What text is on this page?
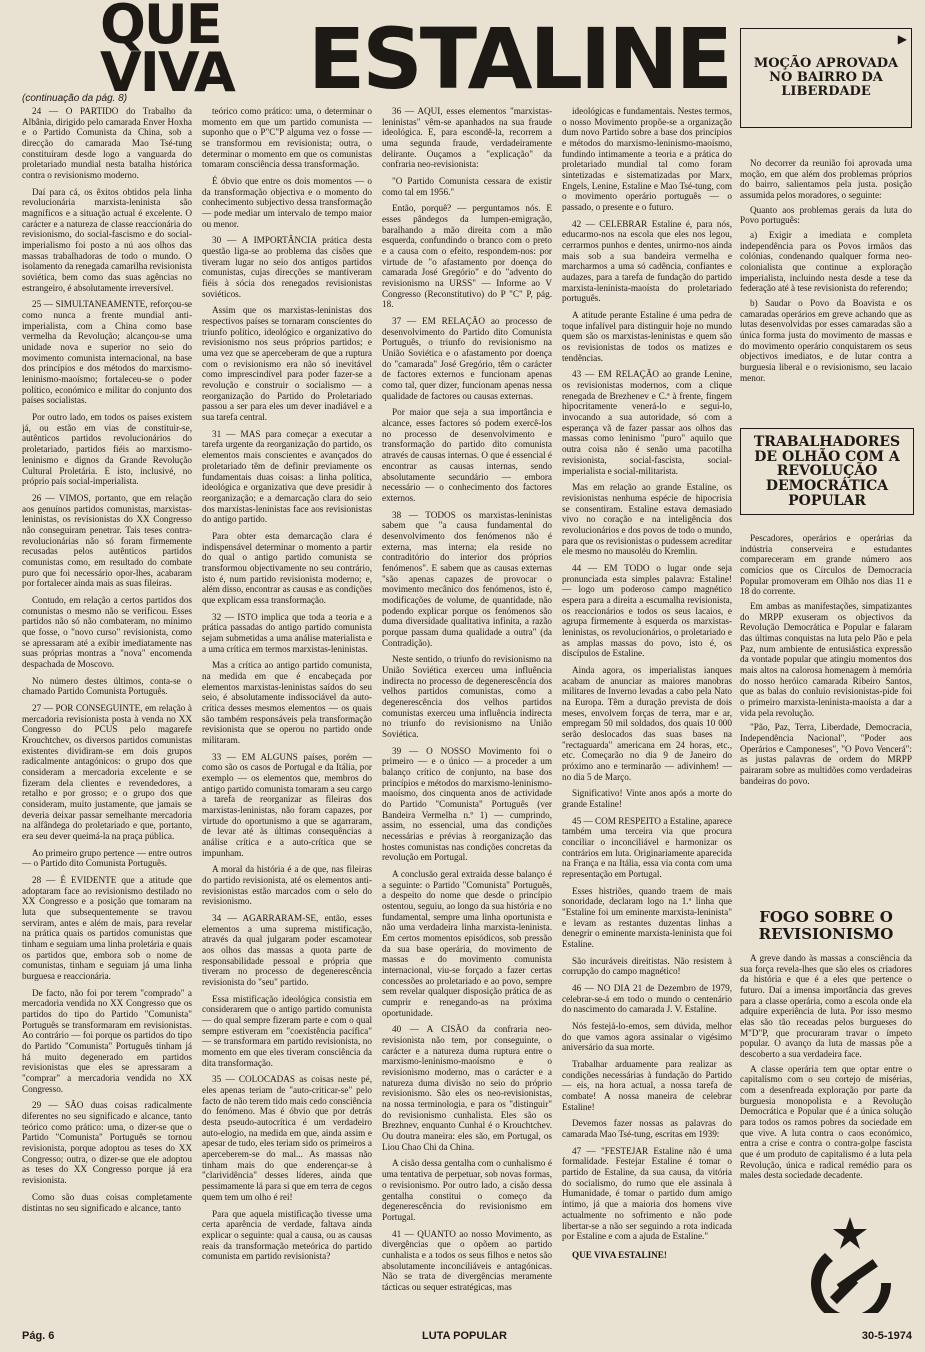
QUE VIVA ESTALINE
(continuação da pág. 8)

24 — O PARTIDO do Trabalho da Albânia, dirigido pelo camarada Enver Hoxha e o Partido Comunista da China, sob a direcção do camarada Mao Tsé-tung constituíram desde logo a vanguarda do proletariado mundial nesta batalha histórica contra o revisionismo moderno.

Daí para cá, os êxitos obtidos pela linha revolucionária marxista-leninista são magníficos e a situação actual é excelente. O carácter e a natureza de classe reaccionária do revisionismo, do social-fascismo e do social-imperialismo foi posto a nú aos olhos das massas trabalhadoras de todo o mundo. O isolamento da renegada camarilha revisionista soviética, bem como das suas agências no estrangeiro, é absolutamente irreversível.

25 — SIMULTANEAMENTE, reforçou-se como nunca a frente mundial anti-imperialista, com a China como base vermelha da Revolução; alcançou-se uma unidade nova e superior no seio do movimento comunista internacional, na base dos princípios e dos métodos do marxismo-leninismo-maoísmo; fortaleceu-se o poder político, económico e militar do conjunto dos países socialistas.

Por outro lado, em todos os países existem já, ou estão em vias de constituir-se, autênticos partidos revolucionários do proletariado, partidos fiéis ao marxismo-leninismo e dignos da Grande Revolução Cultural Proletária. E isto, inclusivé, no próprio país social-imperialista.

26 — VIMOS, portanto, que em relação aos genuínos partidos comunistas, marxistas-leninistas, os revisionistas do XX Congresso não conseguiram penetrar. Tais teses contra-revolucionárias não só foram firmemente recusadas pelos autênticos partidos comunistas como, em resultado do combate puro que foi necessário opor-lhes, acabaram por fortalecer ainda mais as suas fileiras.

Contudo, em relação a certos partidos dos comunistas o mesmo não se verificou. Esses partidos não só não combateram, no mínimo que fosse, o "novo curso" revisionista, como se apressaram até a exibir imediatamente nas suas próprias montras a "nova" encomenda despachada de Moscovo.

No número destes últimos, conta-se o chamado Partido Comunista Português.

27 — POR CONSEGUINTE, em relação à mercadoria revisionista posta à venda no XX Congresso do PCUS pelo magarefe Krouchtchev, os diversos partidos comunistas existentes dividiram-se em dois grupos radicalmente antagónicos: o grupo dos que consideram a mercadoria excelente e se fizeram dela clientes e revendedores, a retalho e por grosso; e o grupo dos que consideram, muito justamente, que jamais se deveria deixar passar semelhante mercadoria na alfândega do proletariado e que, portanto, era seu dever queimá-la na praça pública.

Ao primeiro grupo pertence — entre outros — o Partido dito Comunista Português.

28 — É EVIDENTE que a atitude que adoptaram face ao revisionismo destilado no XX Congresso e a posição que tomaram na luta que subsequentemente se travou serviram, antes e além de mais, para revelar na prática quais os partidos comunistas que tinham e seguiam uma linha proletária e quais os partidos que, embora sob o nome de comunistas, tinham e seguiam já uma linha burguesa e reaccionária.

De facto, não foi por terem "comprado" a mercadoria vendida no XX Congresso que os partidos do tipo do Partido "Comunista" Português se transformaram em revisionistas. Ao contrário — foi porque os partidos do tipo do Partido "Comunista" Português tinham já há muito degenerado em partidos revisionistas que eles se apressaram a "comprar" a mercadoria vendida no XX Congresso.

29 — SÃO duas coisas radicalmente diferentes no seu significado e alcance, tanto teórico como prático: uma, o dizer-se que o Partido "Comunista" Português se tornou revisionista, porque adoptou as teses do XX Congresso; outra, o dizer-se que ele adoptou as teses do XX Congresso porque já era revisionista.

Como são duas coisas completamente distintas no seu significado e alcance, tanto

teórico como prático: uma, o determinar o momento em que um partido comunista — suponho que o P"C"P alguma vez o fosse — se transformou em revisionista; outra, o determinar o momento em que os comunistas tomaram consciência dessa transformação.

É óbvio que entre os dois momentos — o da transformação objectiva e o momento do conhecimento subjectivo dessa transformação — pode mediar um intervalo de tempo maior ou menor.

30 — A IMPORTÂNCIA prática desta questão liga-se ao problema das cisões que tiveram lugar no seio dos antigos partidos comunistas, cujas direcções se mantiveram fiéis à sócia dos renegados revisionistas soviéticos.

Assim que os marxistas-leninistas dos respectivos países se tornaram conscientes do triunfo político, ideológico e organizativo do revisionismo nos seus próprios partidos; e uma vez que se aperceberam de que a ruptura com o revisionismo era não só inevitável como imprescindível para poder fazer-se a revolução e construir o socialismo — a reorganização do Partido do Proletariado passou a ser para eles um dever inadiável e a sua tarefa central.

31 — MAS para começar a executar a tarefa urgente da reorganização do partido, os elementos mais conscientes e avançados do proletariado têm de definir previamente os fundamentais duas coisas: a linha política, ideológica e organizativa que deve presidir à reorganização; e a demarcação clara do seio dos marxistas-leninistas face aos revisionistas do antigo partido.

Para obter esta demarcação clara é indispensável determinar o momento a partir do qual o antigo partido comunista se transformou objectivamente no seu contrário, isto é, num partido revisionista moderno; e, além disso, encontrar as causas e as condições que explicam essa transformação.

32 — ISTO implica que toda a teoria e a prática passadas do antigo partido comunista sejam submetidas a uma análise materialista e a uma crítica em termos marxistas-leninistas.

Mas a crítica ao antigo partido comunista, na medida em que é encabeçada por elementos marxistas-leninistas saídos do seu seio, é absolutamente indissociável da auto-crítica desses mesmos elementos — os quais são também responsáveis pela transformação revisionista que se operou no partido onde militaram.

33 — EM ALGUNS países, porém — como são os casos de Portugal e da Itália, por exemplo — os elementos que, membros do antigo partido comunista tomaram a seu cargo a tarefa de reorganizar as fileiras dos marxistas-leninistas, não foram capazes, por virtude do oportunismo a que se agarraram, de levar até às últimas consequências a análise crítica e a auto-crítica que se impunham.

A moral da história é a de que, nas fileiras do partido revisionista, até os elementos anti-revisionistas estão marcados com o selo do revisionismo.

34 — AGARRARAM-SE, então, esses elementos a uma suprema mistificação, através da qual julgaram poder escamotear aos olhos das massas a quota parte de responsabilidade pessoal e própria que tiveram no processo de degenerescência revisionista do "seu" partido.

Essa mistificação ideológica consistia em considerarem que o antigo partido comunista — do qual sempre fizeram parte e com o qual sempre estiveram em "coexistência pacífica" — se transformara em partido revisionista, no momento em que eles tiveram consciência da dita transformação.

35 — COLOCADAS as coisas neste pé, eles apenas teriam de "auto-criticar-se" pelo facto de não terem tido mais cedo consciência do fenómeno. Mas é óbvio que por detrás desta pseudo-autocrítica é um verdadeiro auto-elogio, na medida em que, ainda assim e apesar de tudo, eles teriam sido os primeiros a aperceberem-se do mal... As massas não tinham mais do que enderençar-se à "clarividência" desses líderes, ainda que pessimamente lá para si que em terra de cegos quem tem um olho é rei!

Para que aquela mistificação tivesse uma certa aparência de verdade, faltava ainda explicar o seguinte: qual a causa, ou as causas reais da transformação meteórica do partido comunista em partido revisionista?

36 — AQUI, esses elementos "marxistas-leninistas" vêm-se apanhados na sua fraude ideológica. E, para escondê-la, recorrem a uma segunda fraude, verdadeiramente delirante. Ouçamos a "explicação" da confraria neo-revisionista:

"O Partido Comunista cessara de existir como tal em 1956."

Então, porquê? — perguntamos nós. E esses pândegos da lumpen-emigração, baralhando a mão direita com a mão esquerda, confundindo o branco com o preto e a causa com o efeito, respondem-nos: por virtude de "o afastamento por doença do camarada José Gregório" e do "advento do revisionismo na URSS" — Informe ao V Congresso (Reconstitutivo) do P "C" P, pág. 18.

37 — EM RELAÇÃO ao processo de desenvolvimento do Partido dito Comunista Português, o triunfo do revisionismo na União Soviética e o afastamento por doença do "camarada" José Gregório, têm o carácter de factores externos e funcionam apenas como tal, quer dizer, funcionam apenas nessa qualidade de factores ou causas externas.

Por maior que seja a sua importância e alcance, esses factores só podem exercê-los no processo de desenvolvimento e transformação do partido dito comunista através de causas internas. O que é essencial é encontrar as causas internas, sendo absolutamente secundário — embora necessário — o conhecimento dos factores externos.

38 — TODOS os marxistas-leninistas sabem que "a causa fundamental do desenvolvimento dos fenómenos não é externa, mas interna; ela reside no contraditório do interior dos próprios fenómenos". E sabem que as causas externas "são apenas capazes de provocar o movimento mecânico dos fenómenos, isto é, modificações de volume, de quantidade, não podendo explicar porque os fenómenos são duma diversidade qualitativa infinita, a razão porque passam duma qualidade a outra" (da Contradição).

Neste sentido, o triunfo do revisionismo na União Soviética exerceu uma influência indirecta no processo de degenerescência dos velhos partidos comunistas, como a degenerescência dos velhos partidos comunistas exerceu uma influência indirecta no triunfo do revisionismo na União Soviética.

39 — O NOSSO Movimento foi o primeiro — e o único — a proceder a um balanço crítico de conjunto, na base dos princípios e métodos do marxismo-leninismo-maoísmo, dos cinquenta anos de actividade do Partido "Comunista" Português (ver Bandeira Vermelha n.º 1) — cumprindo, assim, no essencial, uma das condições necessárias e prévias à reorganização das hostes comunistas nas condições concretas da revolução em Portugal.

A conclusão geral extraída desse balanço é a seguinte: o Partido "Comunista" Português, a despeito do nome que desde o princípio ostentou, seguiu, ao longo da sua história e no fundamental, sempre uma linha oportunista e não uma verdadeira linha marxista-leninista. Em certos momentos episódicos, sob pressão da sua base operária, do movimento de massas e do movimento comunista internacional, viu-se forçado a fazer certas concessões ao proletariado e ao povo, sempre sem revelar qualquer disposição prática de as cumprir e renegando-as na próxima oportunidade.

40 — A CISÃO da confraria neo-revisionista não tem, por conseguinte, o carácter e a natureza duma ruptura entre o marxismo-leninismo-maoísmo e o revisionismo moderno, mas o carácter e a natureza duma divisão no seio do próprio revisionismo. São eles os neo-revisionistas, na nossa terminologia, e para os "distinguir" do revisionismo cunhalista. Eles são os Brezhnev, enquanto Cunhal é o Krouchtchev. Ou doutra maneira: eles são, em Portugal, os Liou Chao Chi da China.

A cisão dessa gentalha com o cunhalismo é uma tentativa de perpetuar, sob novas formas, o revisionismo. Por outro lado, a cisão dessa gentalha constitui o começo da degenerescência do revisionismo em Portugal.

41 — QUANTO ao nosso Movimento, as divergências que o opõem ao partido cunhalista e a todos os seus filhos e netos são absolutamente inconciliáveis e antagónicas. Não se trata de divergências meramente tácticas ou sequer estratégicas, mas

ideológicas e fundamentais. Nestes termos, o nosso Movimento propõe-se a organização dum novo Partido sobre a base dos princípios e métodos do marxismo-leninismo-maoísmo, fundindo intimamente a teoria e a prática do proletariado mundial tal como foram sintetizadas e sistematizadas por Marx, Engels, Lenine, Estaline e Mao Tsé-tung, com o movimento operário português — o passado, o presente e o futuro.

42 — CELEBRAR Estaline é, para nós, educarmo-nos na escola que eles nos legou, cerrarmos punhos e dentes, unirmo-nos ainda mais sob a sua bandeira vermelha e marcharmos a uma só cadência, confiantes e audazes, para a tarefa de fundação do partido marxista-leninista-maoísta do proletariado português.

A atitude perante Estaline é uma pedra de toque infalível para distinguir hoje no mundo quem são os marxistas-leninistas e quem são os revisionistas de todos os matizes e tendências.

43 — EM RELAÇÃO ao grande Lenine, os revisionistas modernos, com a clique renegada de Brezhenev e C.ª à frente, fingem hipocritamente venerá-lo e segui-lo, invocando a sua autoridade, só com a esperança vã de fazer passar aos olhos das massas como leninismo "puro" aquilo que outra coisa não é senão uma pacotilha revisionista, social-fascista, social-imperialista e social-militarista.

Mas em relação ao grande Estaline, os revisionistas nenhuma espécie de hipocrisia se consentiram. Estaline estava demasiado vivo no coração e na inteligência dos revolucionários e dos povos de todo o mundo, para que os revisionistas o pudessem acreditar ele mesmo no mausoléu do Kremlin.

44 — EM TODO o lugar onde seja pronunciada esta simples palavra: Estaline! — logo um poderoso campo magnético espera para a direita a escumalha revisionista, os reaccionários e todos os seus lacaios, e agrupa firmemente à esquerda os marxistas-leninistas, os revolucionários, o proletariado e as amplas massas do povo, isto é, os discípulos de Estaline.

Ainda agora, os imperialistas ianques acabam de anunciar as maiores manobras militares de Inverno levadas a cabo pela Nato na Europa. Têm a duração prevista de dois meses, envolvem forças de terra, mar e ar, empregam 50 mil soldados, dos quais 10 000 serão deslocados das suas bases na "rectaguarda" americana em 24 horas, etc., etc. Começarão no dia 9 de Janeiro do próximo ano e terminarão — adivinhem! — no dia 5 de Março.

Significativo! Vinte anos após a morte do grande Estaline!

45 — COM RESPEITO a Estaline, aparece também uma terceira via que procura conciliar o inconciliável e harmonizar os contrários em luta. Originariamente aparecida na França e na Itália, essa via conta com uma representação em Portugal.

Esses histriões, quando traem de mais sonoridade, declaram logo na 1.ª linha que "Estaline foi um eminente marxista-leninista" e levam as restantes duzentas linhas a denegrir o eminente marxista-leninista que foi Estaline.

São incuráveis direitistas. Não resistem à corrupção do campo magnético!

46 — NO DIA 21 de Dezembro de 1979, celebrar-se-á em todo o mundo o centenário do nascimento do camarada J. V. Estaline.

Nós festejá-lo-emos, sem dúvida, melhor do que vamos agora assinalar o vigésimo aniversário da sua morte.

Trabalhar arduamente para realizar as condições necessárias à fundação do Partido — eis, na hora actual, a nossa tarefa de combate! A nossa maneira de celebrar Estaline!

Devemos fazer nossas as palavras do camarada Mao Tsé-tung, escritas em 1939:

47 — "FESTEJAR Estaline não é uma formalidade. Festejar Estaline é tomar o partido de Estaline, da sua causa, da vitória do socialismo, do rumo que ele assinala à Humanidade, é tomar o partido dum amigo íntimo, já que a maioria dos homens vive actualmente no sofrimento e não pode libertar-se a não ser seguindo a rota indicada por Estaline e com a ajuda de Estaline."

QUE VIVA ESTALINE!

▶
MOÇÃO APROVADA NO BAIRRO DA LIBERDADE

No decorrer da reunião foi aprovada uma moção, em que além dos problemas próprios do bairro, salientamos pela justa. posição assumida pelos moradores, o seguinte:

Quanto aos problemas gerais da luta do Povo português:

a) Exigir a imediata e completa independência para os Povos irmãos das colónias, condenando qualquer forma neo-colonialista que continue a exploração imperialista, incluindo nesta desde a tese da federação até à tese revisionista do referendo;

b) Saudar o Povo da Boavista e os camaradas operários em greve achando que as lutas desenvolvidas por esses camaradas são a única forma justa do movimento de massas e do movimento operário conquistarem os seus objectivos imediatos, e de lutar contra a burguesia liberal e o revisionismo, seu lacaio menor.

TRABALHADORES DE OLHÃO COM A REVOLUÇÃO DEMOCRÁTICA POPULAR

Pescadores, operários e operárias da indústria conserveira e estudantes compareceram em grande número aos comícios que os Círculos de Democracia Popular promoveram em Olhão nos dias 11 e 18 do corrente.

Em ambas as manifestações, simpatizantes do MRPP exuseram os objectivos da Revolução Democrática e Popular e falaram das últimas conquistas na luta pelo Pão e pela Paz, num ambiente de entusiástica expressão da vontade popular que atingiu momentos dos mais altos na calorosa homenagem à memória do nosso heróico camarada Ribeiro Santos, que as balas do conluio revisionistas-pide foi o primeiro marxista-leninista-maoísta a dar a vida pela revolução.

"Pão, Paz, Terra, Liberdade, Democracia, Independência Nacional", "Poder aos Operários e Camponeses", "O Povo Vencerá": as justas palavras de ordem do MRPP pairaram sobre as multidões como verdadeiras bandeiras do povo.

FOGO SOBRE O REVISIONISMO

A greve dando às massas a consciência da sua força revela-lhes que são eles os criadores da história e que é a eles que pertence o futuro. Daí a imensa importância das greves para a classe operária, como a escola onde ela adquire experiência de luta. Por isso mesmo elas são tão receadas pelos burgueses do M"D"P, que procuraram travar o ímpeto popular. O avanço da luta de massas põe a descoberto a sua verdadeira face.

A classe operária tem que optar entre o capitalismo com o seu cortejo de misérias, com a desenfreada exploração por parte da burguesia monopolista e a Revolução Democrática e Popular que é a única solução para todos os ramos pobres da sociedade em que vive. A luta contra o caos económico, entra a crise e contra o contra-golpe fascista que é um produto de capitalismo é a luta pela Revolução, única e radical remédio para os males desta sociedade decadente.

Pág. 6	LUTA POPULAR	30-5-1974
